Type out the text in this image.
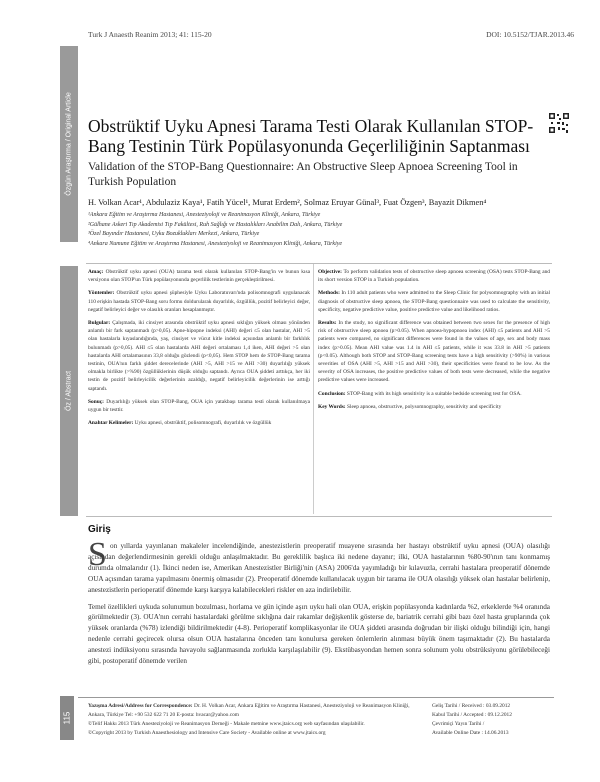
Turk J Anaesth Reanim 2013; 41: 115-20	DOI: 10.5152/TJAR.2013.46
Özgün Araştırma / Original Article Obstrüktif Uyku Apnesi Tarama Testi Olarak Kullanılan STOP-Bang Testinin Türk Popülasyonunda Geçerliliğinin Saptanması
Validation of the STOP-Bang Questionnaire: An Obstructive Sleep Apnoea Screening Tool in Turkish Population
H. Volkan Acar¹, Abdulaziz Kaya¹, Fatih Yücel¹, Murat Erdem², Solmaz Eruyar Günal³, Fuat Özgen³, Bayazit Dikmen⁴
¹Ankara Eğitim ve Araştırma Hastanesi, Anesteziyoloji ve Reanimasyon Kliniği, Ankara, Türkiye
²Gülhane Askeri Tıp Akademisi Tıp Fakültesi, Ruh Sağlığı ve Hastalıkları Anabilim Dalı, Ankara, Türkiye
³Özel Bayındır Hastanesi, Uyku Bozuklukları Merkezi, Ankara, Türkiye
⁴Ankara Numune Eğitim ve Araştırma Hastanesi, Anesteziyoloji ve Reanimasyon Kliniği, Ankara, Türkiye
Öz / Abstract

Amaç: Obstrüktif uyku apnesi (OUA) tarama testi olarak kullanılan STOP-Bang'in ve bunun kısa versiyonu olan STOP'un Türk popülasyonunda geçerlilik testlerinin gerçekleştirilmesi.

Yöntemler: Obstrüktif uyku apnesi şüphesiyle Uyku Laboratuvarı'nda polisomnografi uygulanacak 110 erişkin hastada STOP-Bang soru formu doldurularak duyarlılık, özgüllük, pozitif belirleyici değer, negatif belirleyici değer ve olasılık oranları hesaplanmıştır.

Bulgular: Çalışmada, iki cinsiyet arasında obstrüktif uyku apnesi sıklığın yüksek olması yönünden anlamlı bir fark saptanmadı (p>0,05). Apne-hipopne indeksi (AHI) değeri ≤5 olan hastalar, AHI >5 olan hastalarla kıyaslandığında, yaş, cinsiyet ve vücut kitle indeksi açısından anlamlı bir farklılık bulunmadı (p>0,05). AHI ≤5 olan hastalarda AHI değeri ortalaması 1,4 iken, AHI değeri >5 olan hastalarda AHI ortalamasının 33,8 olduğu gözlendi (p<0,05). Hem STOP hem de STOP-Bang tarama testinin, OUA'nın farklı şiddet derecelerinde (AHI >5, AHI >15 ve AHI >30) duyarlılığı yüksek olmakla birlikte (>%90) özgüllüklerinin düşük olduğu saptandı. Ayrıca OUA şiddeti arttıkça, her iki testin de pozitif belirleyicilik değerlerinin azaldığı, negatif belirleyicilik değerlerinin ise arttığı saptandı.

Sonuç: Duyarlılığı yüksek olan STOP-Bang, OUA için yatakbaşı tarama testi olarak kullanılmaya uygun bir testtir.

Anahtar Kelimeler: Uyku apnesi, obstrüktif, polisomnografi, duyarlılık ve özgüllük

Objective: To perform validation tests of obstructive sleep apnoea screening (OSA) tests STOP-Bang and its short version STOP in a Turkish population.

Methods: In 110 adult patients who were admitted to the Sleep Clinic for polysomnography with an initial diagnosis of obstructive sleep apnoea, the STOP-Bang questionnaire was used to calculate the sensitivity, specificity, negative predictive value, positive predictive value and likelihood ratios.

Results: In the study, no significant difference was obtained between two sexes for the presence of high risk of obstructive sleep apnoea (p>0.05). When apnoea-hypopnoea index (AHI) ≤5 patients and AHI >5 patients were compared, no significant differences were found in the values of age, sex and body mass index (p>0.05). Mean AHI value was 1.4 in AHI ≤5 patients, while it was 33.8 in AHI >5 patients (p<0.05). Although both STOP and STOP-Bang screening tests have a high sensitivity (>90%) in various severities of OSA (AHI >5, AHI >15 and AHI >30), their specificities were found to be low. As the severity of OSA increases, the positive predictive values of both tests were decreased, while the negative predictive values were increased.

Conclusion: STOP-Bang with its high sensitivity is a suitable bedside screening test for OSA.

Key Words: Sleep apnoea, obstructive, polysomnography, sensitivity and specificity

Giriş
S on yıllarda yayınlanan makaleler incelendiğinde, anestezistlerin preoperatif muayene sırasında her hastayı obstrüktif uyku apnesi (OUA) olasılığı açısından değerlendirmesinin gerekli olduğu anlaşılmaktadır. Bu gereklilik başlıca iki nedene dayanır; ilki, OUA hastalarının %80-90'ının tanı konmamış durumda olmalarıdır (1). İkinci neden ise, Amerikan Anestezistler Birliği'nin (ASA) 2006'da yayımladığı bir kılavuzla, cerrahi hastalara preoperatif dönemde OUA açısından tarama yapılmasını önermiş olmasıdır (2). Preoperatif dönemde kullanılacak uygun bir tarama ile OUA olasılığı yüksek olan hastalar belirlenip, anestezistlerin perioperatif dönemde karşı karşıya kalabilecekleri riskler en aza indirilebilir.

Temel özellikleri uykuda solunumun bozulması, horlama ve gün içinde aşırı uyku hali olan OUA, erişkin popülasyonda kadınlarda %2, erkeklerde %4 oranında görülmektedir (3). OUA'nın cerrahi hastalardaki görülme sıklığına dair rakamlar değişkenlik gösterse de, bariatrik cerrahi gibi bazı özel hasta gruplarında çok yüksek oranlarda (%78) izlendiği bildirilmektedir (4-8). Perioperatif komplikasyonlar ile OUA şiddeti arasında doğrudan bir ilişki olduğu bilindiği için, hangi nedenle cerrahi geçirecek olursa olsun OUA hastalarına önceden tanı konulursa gereken önlemlerin alınması büyük önem taşımaktadır (2). Bu hastalarda anestezi indüksiyonu sırasında havayolu sağlanmasında zorlukla karşılaşılabilir (9). Ekstübasyondan hemen sonra solunum yolu obstrüksiyonu görülebileceği gibi, postoperatif dönemde verilen

115
Yazışma Adresi/Address for Correspondence: Dr. H. Volkan Acar, Ankara Eğitim ve Araştırma Hastanesi, Anesteziyoloji ve Reanimasyon Kliniği, Ankara, Türkiye Tel: +90 532 622 71 20 E-posta: hvacar@yahoo.com
©Telif Hakkı 2013 Türk Anesteziyoloji ve Reanimasyon Derneği - Makale metnine www.jtaics.org web sayfasından ulaşılabilir.
©Copyright 2013 by Turkish Anaesthesiology and Intensive Care Society - Available online at www.jtaics.org
Geliş Tarihi / Received : 03.09.2012
Kabul Tarihi / Accepted : 09.12.2012
Çevrimiçi Yayın Tarihi /
Available Online Date : 14.06.2013
